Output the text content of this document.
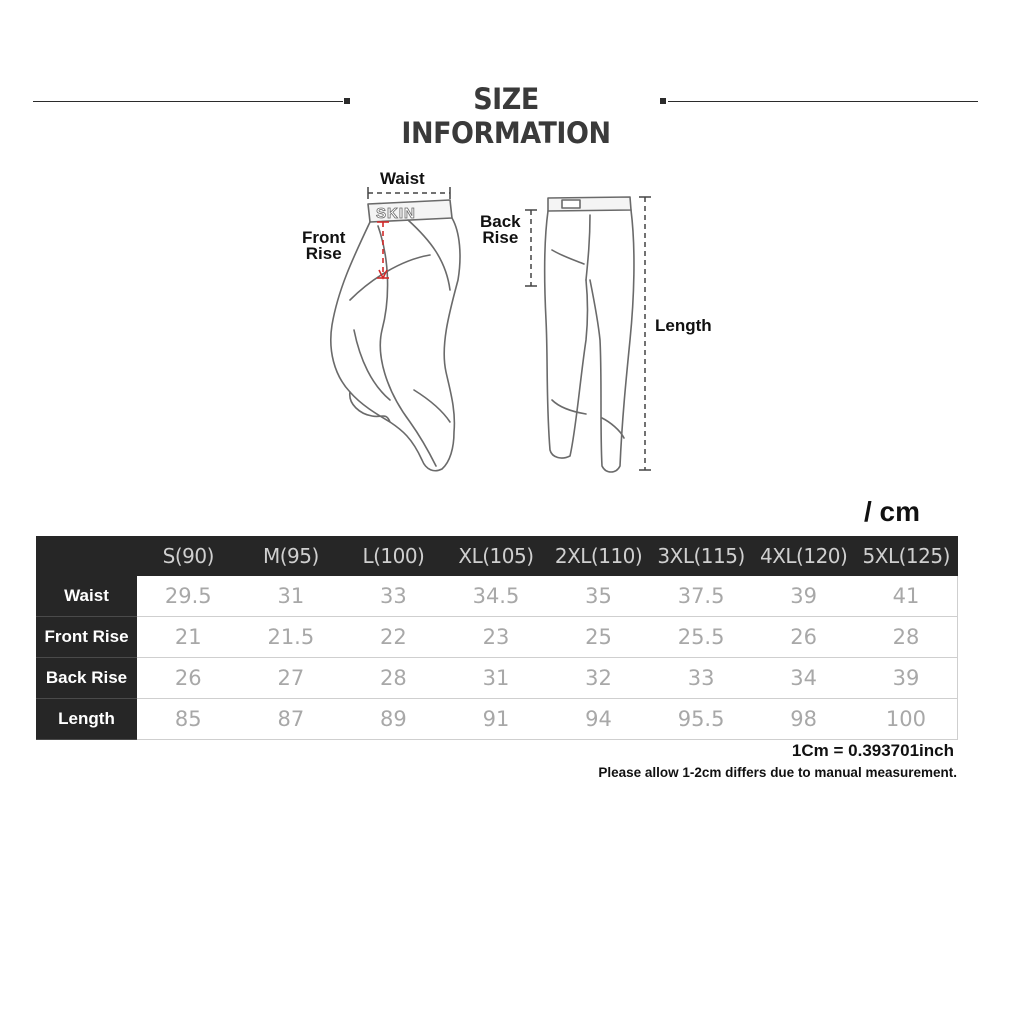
SIZE INFORMATION
SKIN
Waist
Front
Rise
Back
Rise
Length
/ cm
	S(90)	M(95)	L(100)	XL(105)	2XL(110)	3XL(115)	4XL(120)	5XL(125)
Waist	29.5	31	33	34.5	35	37.5	39	41
Front Rise	21	21.5	22	23	25	25.5	26	28
Back Rise	26	27	28	31	32	33	34	39
Length	85	87	89	91	94	95.5	98	100
1Cm = 0.393701inch
Please allow 1-2cm differs due to manual measurement.
